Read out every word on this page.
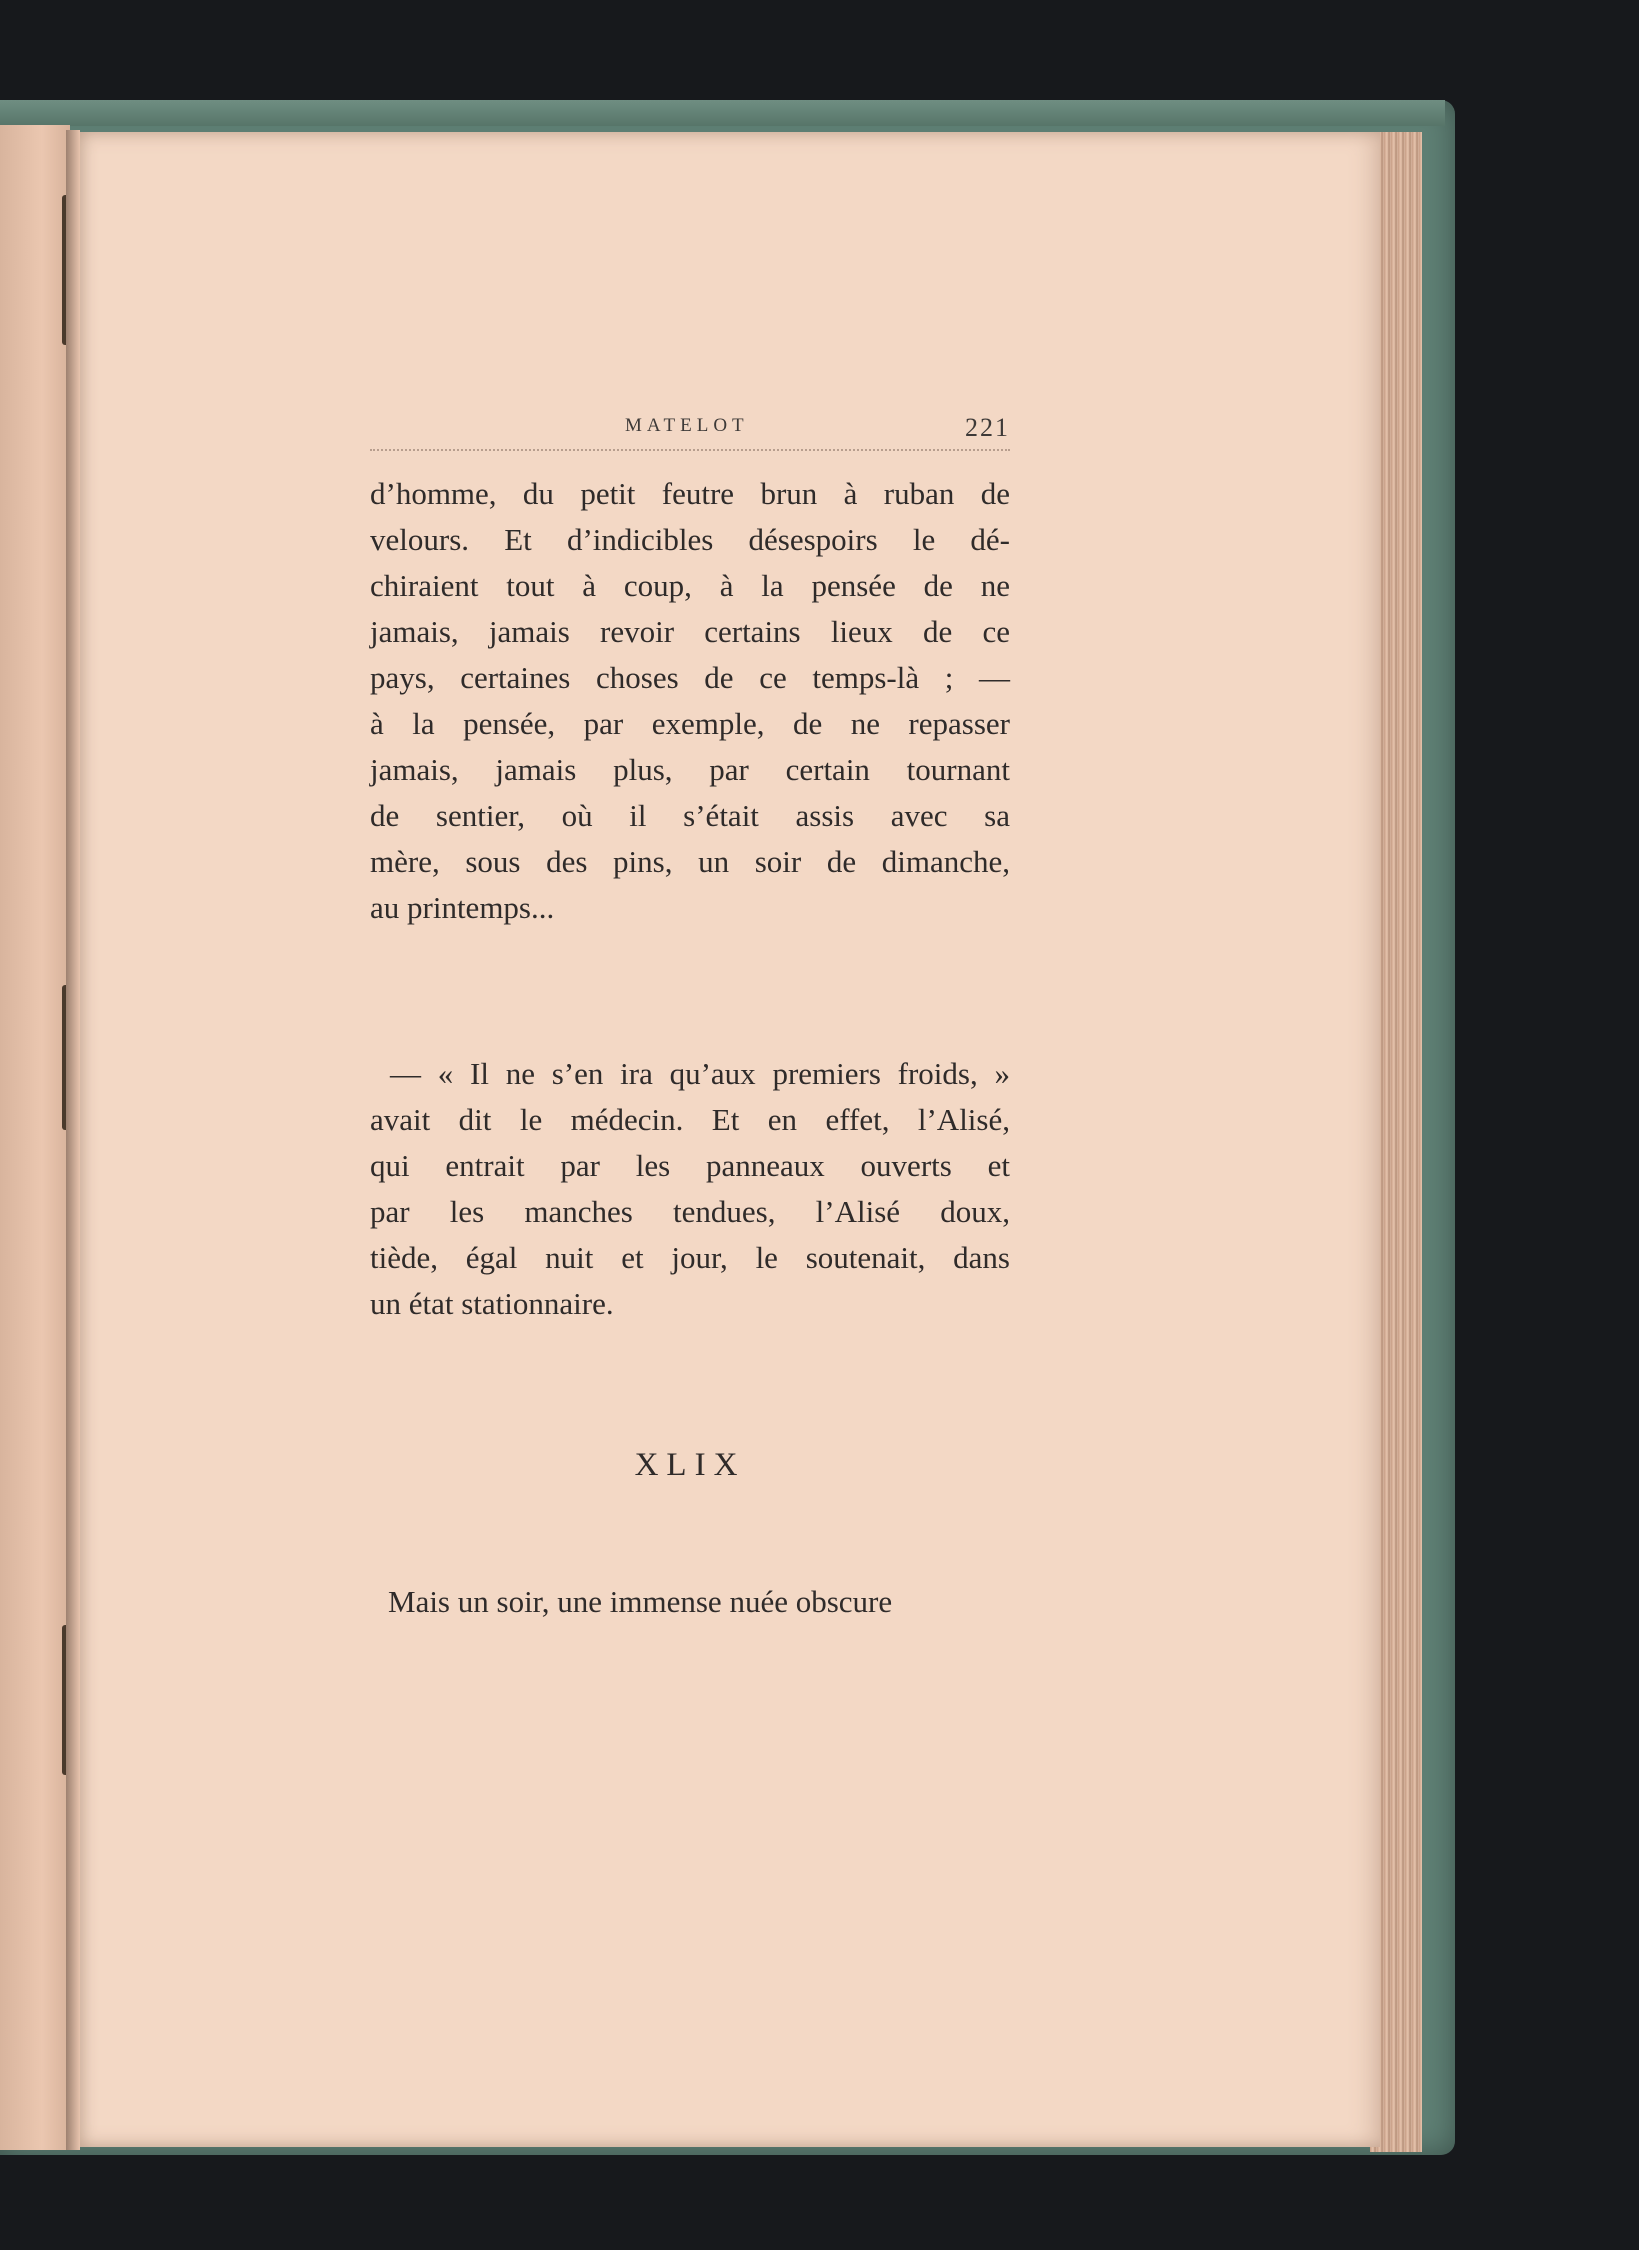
MATELOT	221
d’homme, du petit feutre brun à ruban de
velours. Et d’indicibles désespoirs le dé-
chiraient tout à coup, à la pensée de ne
jamais, jamais revoir certains lieux de ce
pays, certaines choses de ce temps-là ; —
à la pensée, par exemple, de ne repasser
jamais, jamais plus, par certain tournant
de sentier, où il s’était assis avec sa
mère, sous des pins, un soir de dimanche,
au printemps...
— « Il ne s’en ira qu’aux premiers froids, »
avait dit le médecin. Et en effet, l’Alisé,
qui entrait par les panneaux ouverts et
par les manches tendues, l’Alisé doux,
tiède, égal nuit et jour, le soutenait, dans
un état stationnaire.
XLIX
Mais un soir, une immense nuée obscure
